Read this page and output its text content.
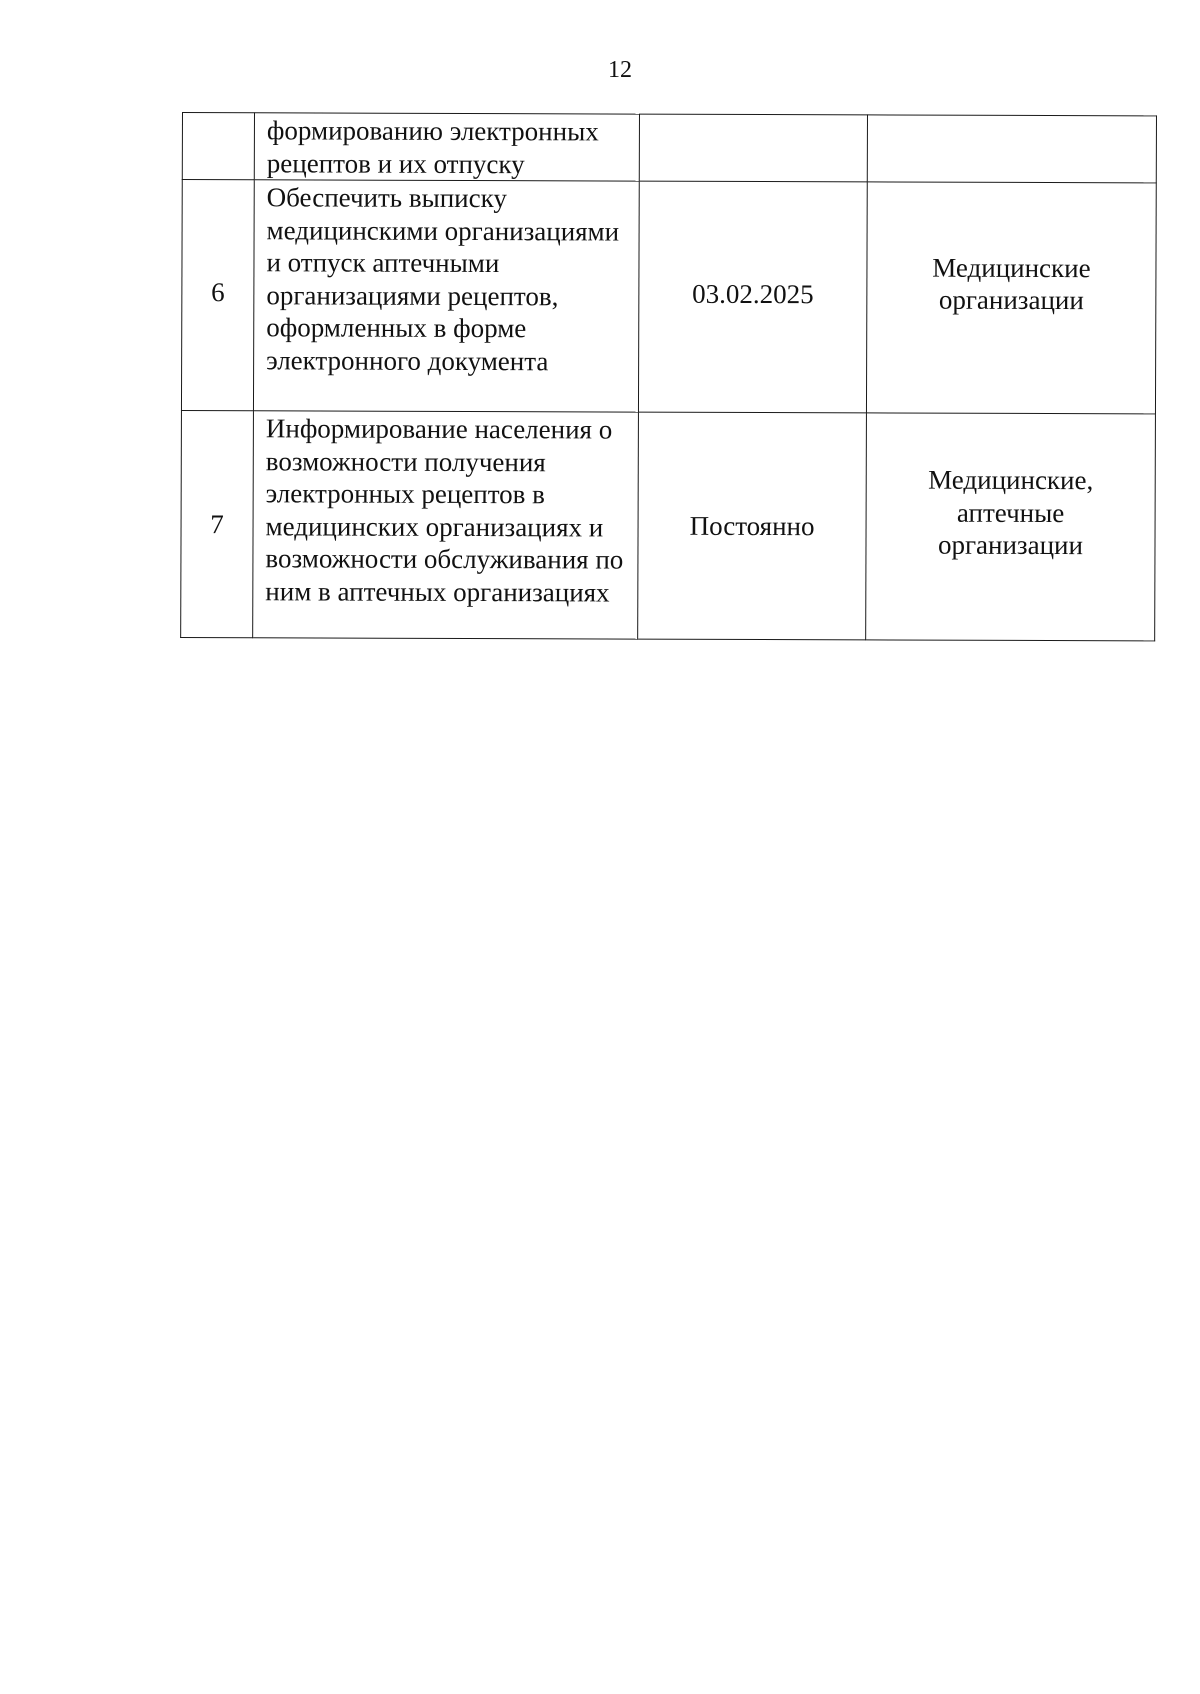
12

	формированию электронных рецептов и их отпуску		

6	Обеспечить выписку медицинскими организациями и отпуск аптечными организациями рецептов, оформленных в форме электронного документа	03.02.2025	Медицинские организации

7	Информирование населения о возможности получения электронных рецептов в медицинских организациях и возможности обслуживания по ним в аптечных организациях	Постоянно	Медицинские, аптечные организации
